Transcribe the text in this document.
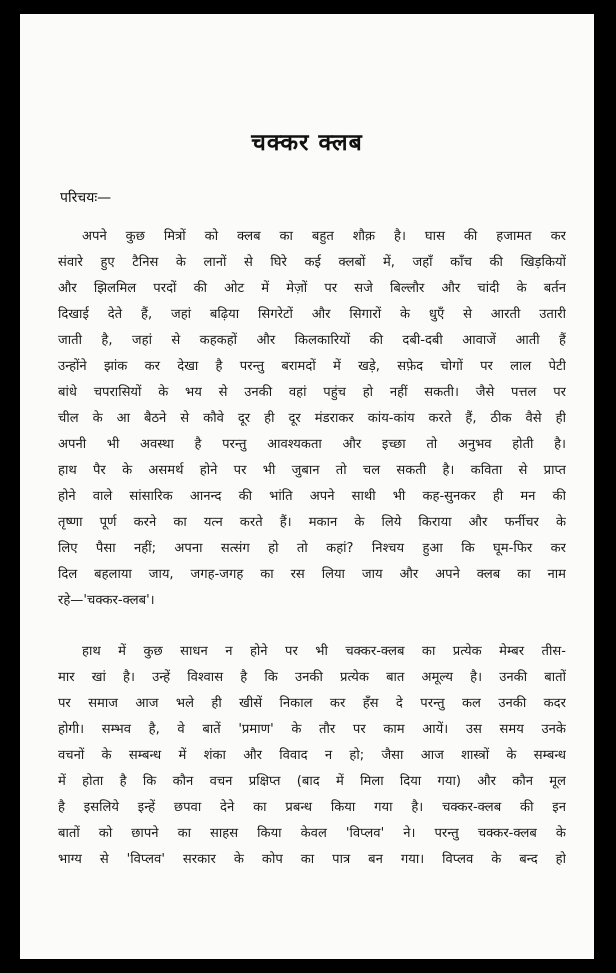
चक्कर क्लब
परिचयः—
अपने कुछ मित्रों को क्लब का बहुत शौक़ है। घास की हजामत कर
संवारे हुए टैनिस के लानों से घिरे कई क्लबों में, जहाँ काँच की खिड़कियों
और झिलमिल परदों की ओट में मेज़ों पर सजे बिल्लौर और चांदी के बर्तन
दिखाई देते हैं, जहां बढ़िया सिगरेटों और सिगारों के धुएँ से आरती उतारी
जाती है, जहां से कहकहों और किलकारियों की दबी-दबी आवाजें आती हैं
उन्होंने झांक कर देखा है परन्तु बरामदों में खड़े, सफ़ेद चोगों पर लाल पेटी
बांधे चपरासियों के भय से उनकी वहां पहुंच हो नहीं सकती। जैसे पत्तल पर
चील के आ बैठने से कौवे दूर ही दूर मंडराकर कांय-कांय करते हैं, ठीक वैसे ही
अपनी भी अवस्था है परन्तु आवश्यकता और इच्छा तो अनुभव होती है।
हाथ पैर के असमर्थ होने पर भी जुबान तो चल सकती है। कविता से प्राप्त
होने वाले सांसारिक आनन्द की भांति अपने साथी भी कह-सुनकर ही मन की
तृष्णा पूर्ण करने का यत्न करते हैं। मकान के लिये किराया और फर्नीचर के
लिए पैसा नहीं; अपना सत्संग हो तो कहां? निश्चय हुआ कि घूम-फिर कर
दिल बहलाया जाय, जगह-जगह का रस लिया जाय और अपने क्लब का नाम
रहे—'चक्कर-क्लब'।
हाथ में कुछ साधन न होने पर भी चक्कर-क्लब का प्रत्येक मेम्बर तीस-
मार खां है। उन्हें विश्वास है कि उनकी प्रत्येक बात अमूल्य है। उनकी बातों
पर समाज आज भले ही खीसें निकाल कर हँस दे परन्तु कल उनकी कदर
होगी। सम्भव है, वे बातें 'प्रमाण' के तौर पर काम आयें। उस समय उनके
वचनों के सम्बन्ध में शंका और विवाद न हो; जैसा आज शास्त्रों के सम्बन्ध
में होता है कि कौन वचन प्रक्षिप्त (बाद में मिला दिया गया) और कौन मूल
है इसलिये इन्हें छपवा देने का प्रबन्ध किया गया है। चक्कर-क्लब की इन
बातों को छापने का साहस किया केवल 'विप्लव' ने। परन्तु चक्कर-क्लब के
भाग्य से 'विप्लव' सरकार के कोप का पात्र बन गया। विप्लव के बन्द हो
